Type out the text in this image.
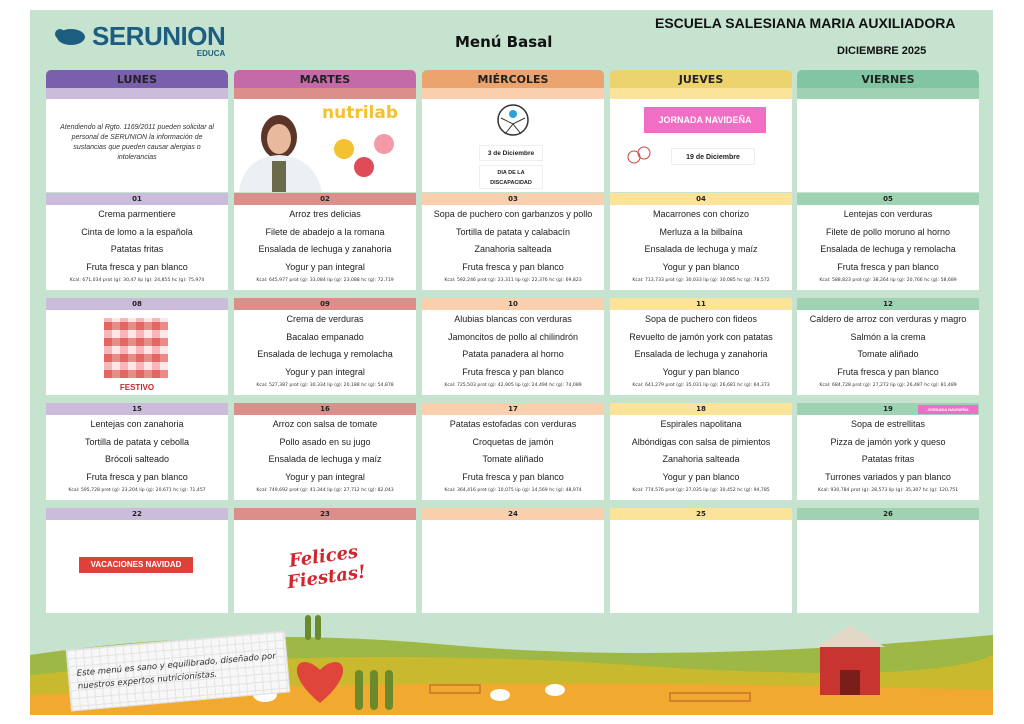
SERUNION
EDUCA
Menú Basal
ESCUELA SALESIANA MARIA AUXILIADORA
DICIEMBRE 2025
LUNES
Atendiendo al Rgto. 1169/2011 pueden solicitar al personal de SERUNION la información de sustancias que pueden causar alergias o intolerancias
MARTES
nutrilab
MIÉRCOLES
3 de Diciembre
DIA DE LA DISCAPACIDAD
JUEVES
JORNADA NAVIDEÑA
19 de Diciembre
VIERNES
01
Crema parmentiere
Cinta de lomo a la española
Patatas fritas
Fruta fresca y pan blanco
Kcal: 671,034 prot (g): 30,47 lip (g): 24,855 hc (g): 75,974
02
Arroz tres delicias
Filete de abadejo a la romana
Ensalada de lechuga y zanahoria
Yogur y pan integral
Kcal: 645,977 prot (g): 33,084 lip (g): 23,088 hc (g): 72,719
03
Sopa de puchero con garbanzos y pollo
Tortilla de patata y calabacín
Zanahoria salteada
Fruta fresca y pan blanco
Kcal: 592,246 prot (g): 23,311 lip (g): 22,376 hc (g): 69,823
04
Macarrones con chorizo
Merluza a la bilbaína
Ensalada de lechuga y maíz
Yogur y pan blanco
Kcal: 713,733 prot (g): 30,033 lip (g): 30,085 hc (g): 78,572
05
Lentejas con verduras
Filete de pollo moruno al horno
Ensalada de lechuga y remolacha
Fruta fresca y pan blanco
Kcal: 588,823 prot (g): 38,264 lip (g): 20,766 hc (g): 58,689
08
FESTIVO
09
Crema de verduras
Bacalao empanado
Ensalada de lechuga y remolacha
Yogur y pan integral
Kcal: 527,387 prot (g): 30,334 lip (g): 20,188 hc (g): 54,878
10
Alubias blancas con verduras
Jamoncitos de pollo al chilindrón
Patata panadera al horno
Fruta fresca y pan blanco
Kcal: 725,503 prot (g): 42,905 lip (g): 24,494 hc (g): 74,089
11
Sopa de puchero con fideos
Revuelto de jamón york con patatas
Ensalada de lechuga y zanahoria
Yogur y pan blanco
Kcal: 641,279 prot (g): 35,031 lip (g): 26,681 hc (g): 64,373
12
Caldero de arroz con verduras y magro
Salmón a la crema
Tomate aliñado
Fruta fresca y pan blanco
Kcal: 684,728 prot (g): 27,272 lip (g): 26,487 hc (g): 81,489
15
Lentejas con zanahoria
Tortilla de patata y cebolla
Brócoli salteado
Fruta fresca y pan blanco
Kcal: 595,728 prot (g): 23,204 lip (g): 20,671 hc (g): 71,457
16
Arroz con salsa de tomate
Pollo asado en su jugo
Ensalada de lechuga y maíz
Yogur y pan integral
Kcal: 749,692 prot (g): 41,344 lip (g): 27,712 hc (g): 82,043
17
Patatas estofadas con verduras
Croquetas de jamón
Tomate aliñado
Fruta fresca y pan blanco
Kcal: 364,416 prot (g): 10,075 lip (g): 14,569 hc (g): 48,974
18
Espirales napolitana
Albóndigas con salsa de pimientos
Zanahoria salteada
Yogur y pan blanco
Kcal: 774,576 prot (g): 27,035 lip (g): 30,452 hc (g): 94,785
19
Sopa de estrellitas
Pizza de jamón york y queso
Patatas fritas
Turrones variados y pan blanco
Kcal: 930,784 prot (g): 28,573 lip (g): 35,307 hc (g): 120,751
JORNADA NAVIDEÑA
22
VACACIONES NAVIDAD
23
Felices Fiestas!
24	25	26
Este menú es sano y equilibrado, diseñado por nuestros expertos nutricionistas.
